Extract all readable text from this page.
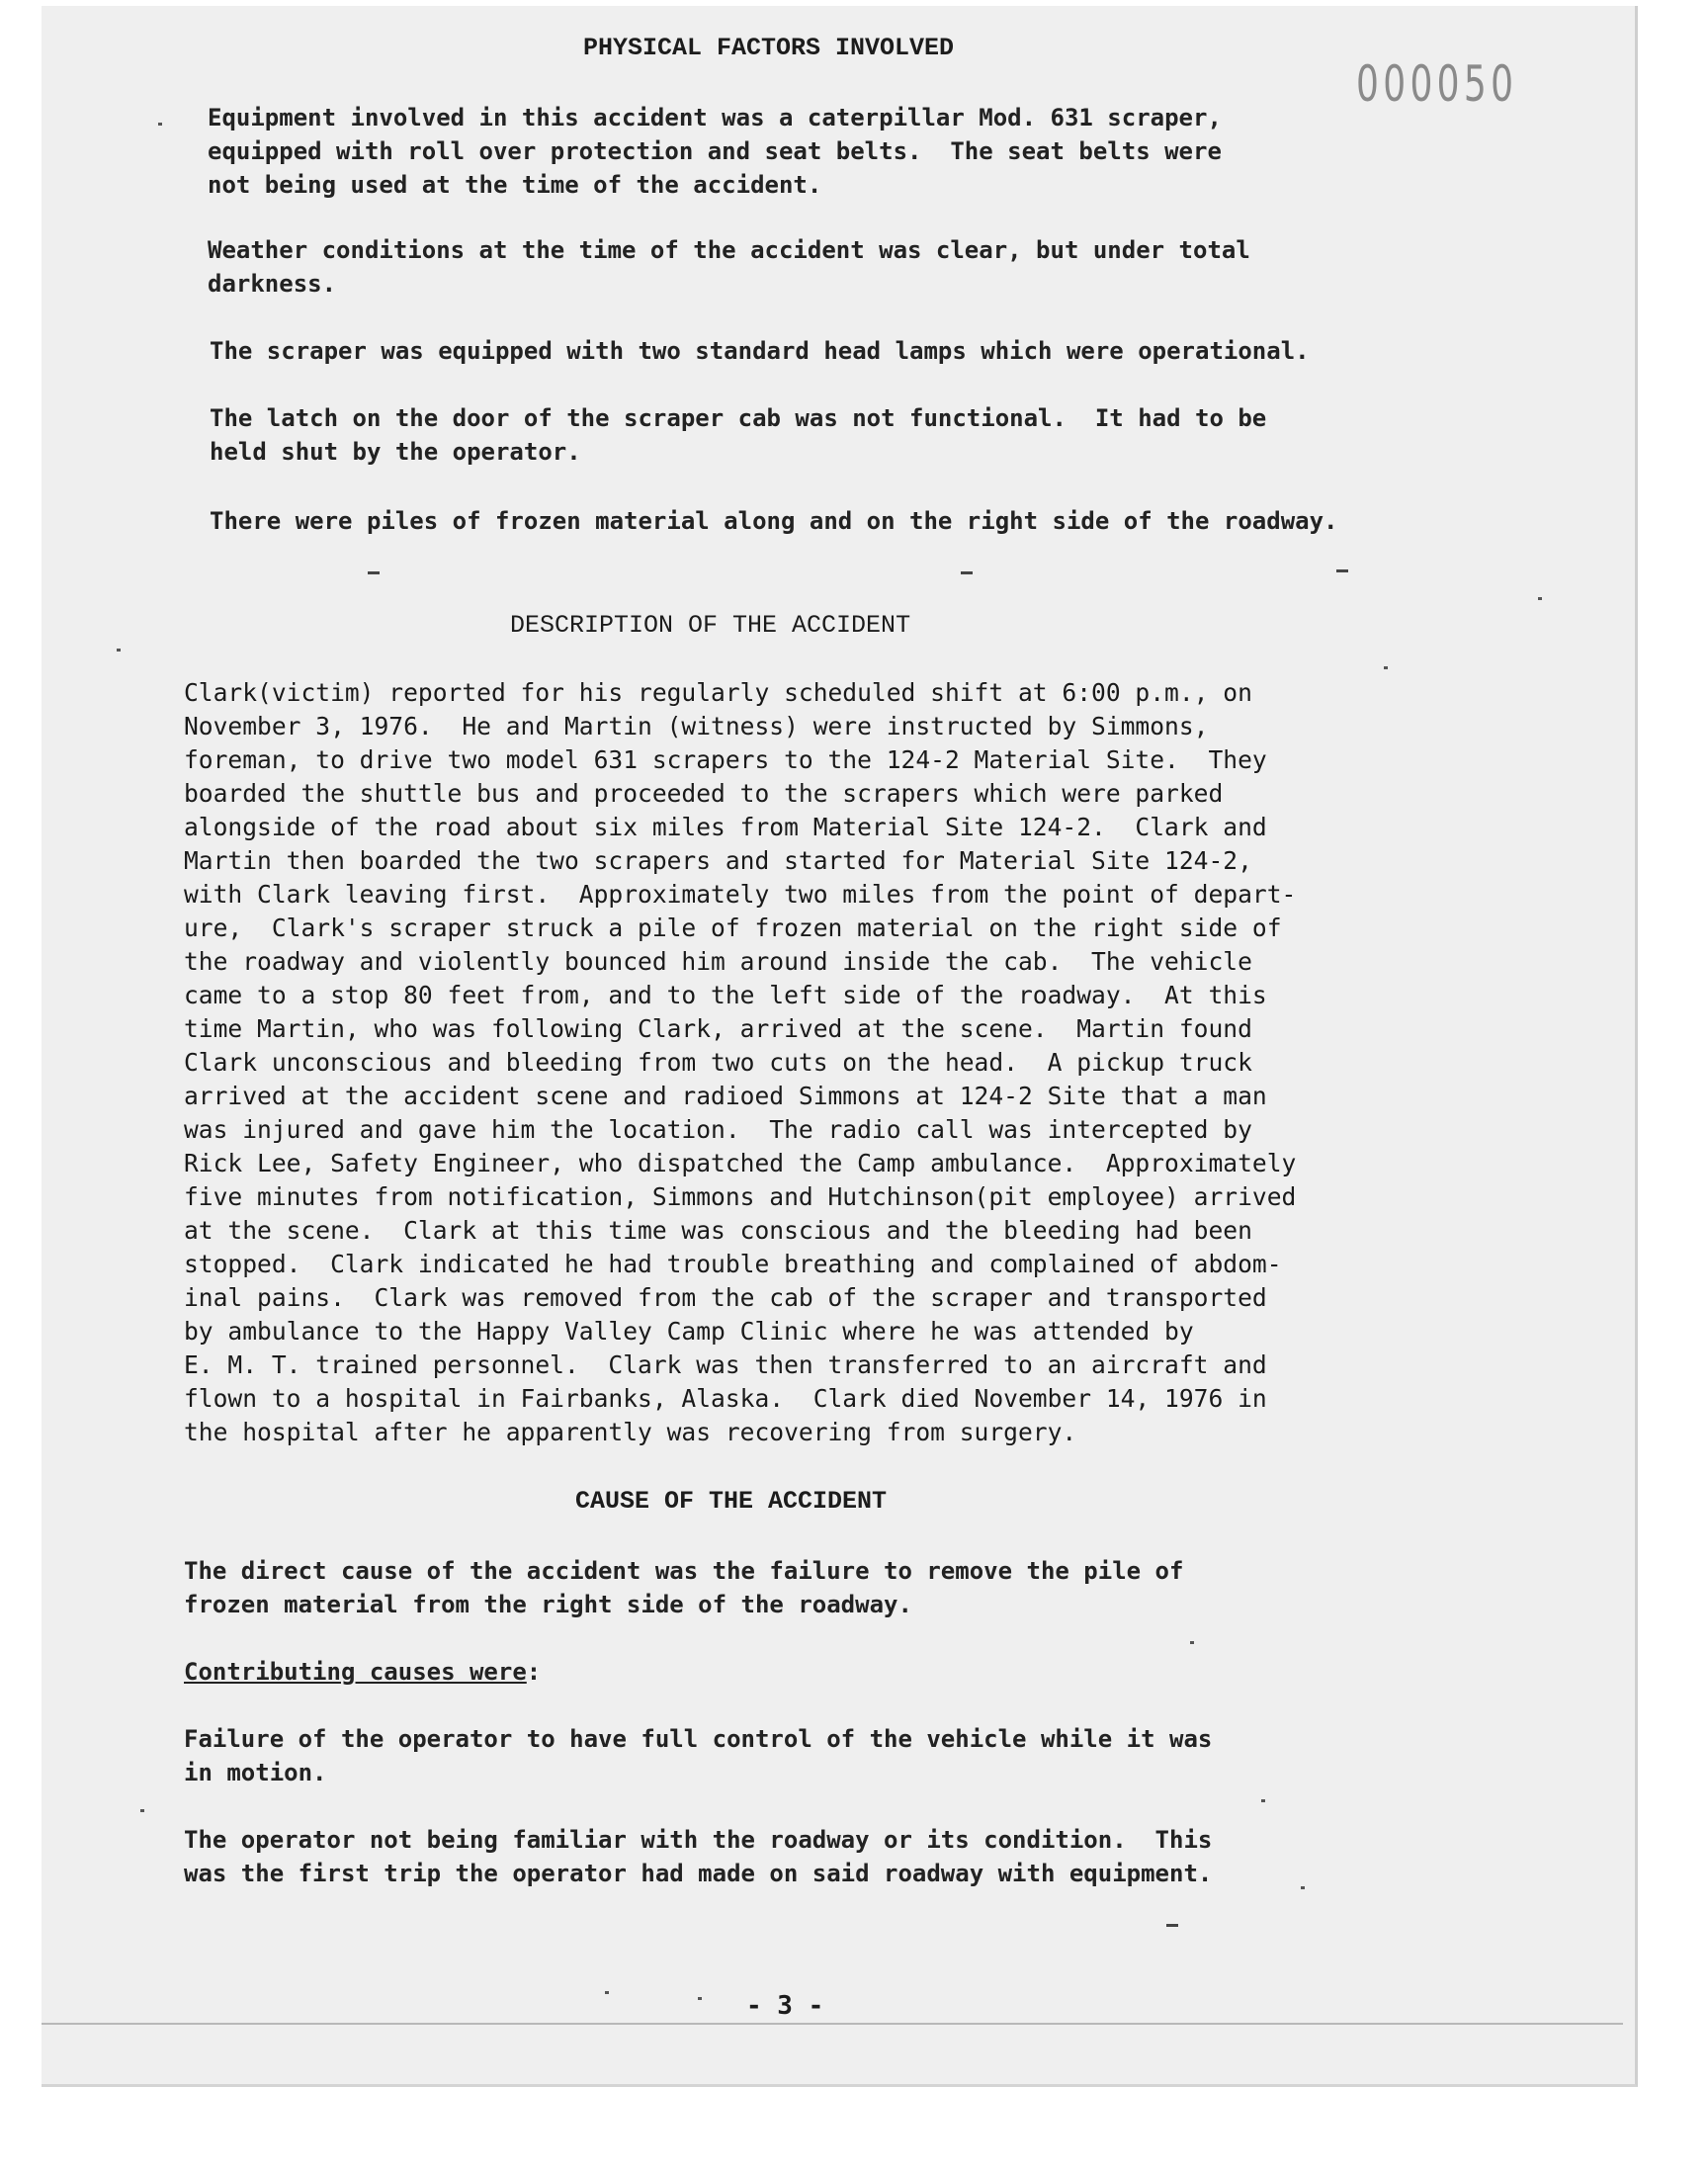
000050
PHYSICAL FACTORS INVOLVED
Equipment involved in this accident was a caterpillar Mod. 631 scraper,
equipped with roll over protection and seat belts.  The seat belts were
not being used at the time of the accident.
Weather conditions at the time of the accident was clear, but under total
darkness.
The scraper was equipped with two standard head lamps which were operational.
The latch on the door of the scraper cab was not functional.  It had to be
held shut by the operator.
There were piles of frozen material along and on the right side of the roadway.
DESCRIPTION OF THE ACCIDENT
Clark(victim) reported for his regularly scheduled shift at 6:00 p.m., on
November 3, 1976.  He and Martin (witness) were instructed by Simmons,
foreman, to drive two model 631 scrapers to the 124-2 Material Site.  They
boarded the shuttle bus and proceeded to the scrapers which were parked
alongside of the road about six miles from Material Site 124-2.  Clark and
Martin then boarded the two scrapers and started for Material Site 124-2,
with Clark leaving first.  Approximately two miles from the point of depart-
ure,  Clark's scraper struck a pile of frozen material on the right side of
the roadway and violently bounced him around inside the cab.  The vehicle
came to a stop 80 feet from, and to the left side of the roadway.  At this
time Martin, who was following Clark, arrived at the scene.  Martin found
Clark unconscious and bleeding from two cuts on the head.  A pickup truck
arrived at the accident scene and radioed Simmons at 124-2 Site that a man
was injured and gave him the location.  The radio call was intercepted by
Rick Lee, Safety Engineer, who dispatched the Camp ambulance.  Approximately
five minutes from notification, Simmons and Hutchinson(pit employee) arrived
at the scene.  Clark at this time was conscious and the bleeding had been
stopped.  Clark indicated he had trouble breathing and complained of abdom-
inal pains.  Clark was removed from the cab of the scraper and transported
by ambulance to the Happy Valley Camp Clinic where he was attended by
E. M. T. trained personnel.  Clark was then transferred to an aircraft and
flown to a hospital in Fairbanks, Alaska.  Clark died November 14, 1976 in
the hospital after he apparently was recovering from surgery.
CAUSE OF THE ACCIDENT
The direct cause of the accident was the failure to remove the pile of
frozen material from the right side of the roadway.
Contributing causes were:
Failure of the operator to have full control of the vehicle while it was
in motion.
The operator not being familiar with the roadway or its condition.  This
was the first trip the operator had made on said roadway with equipment.
- 3 -
